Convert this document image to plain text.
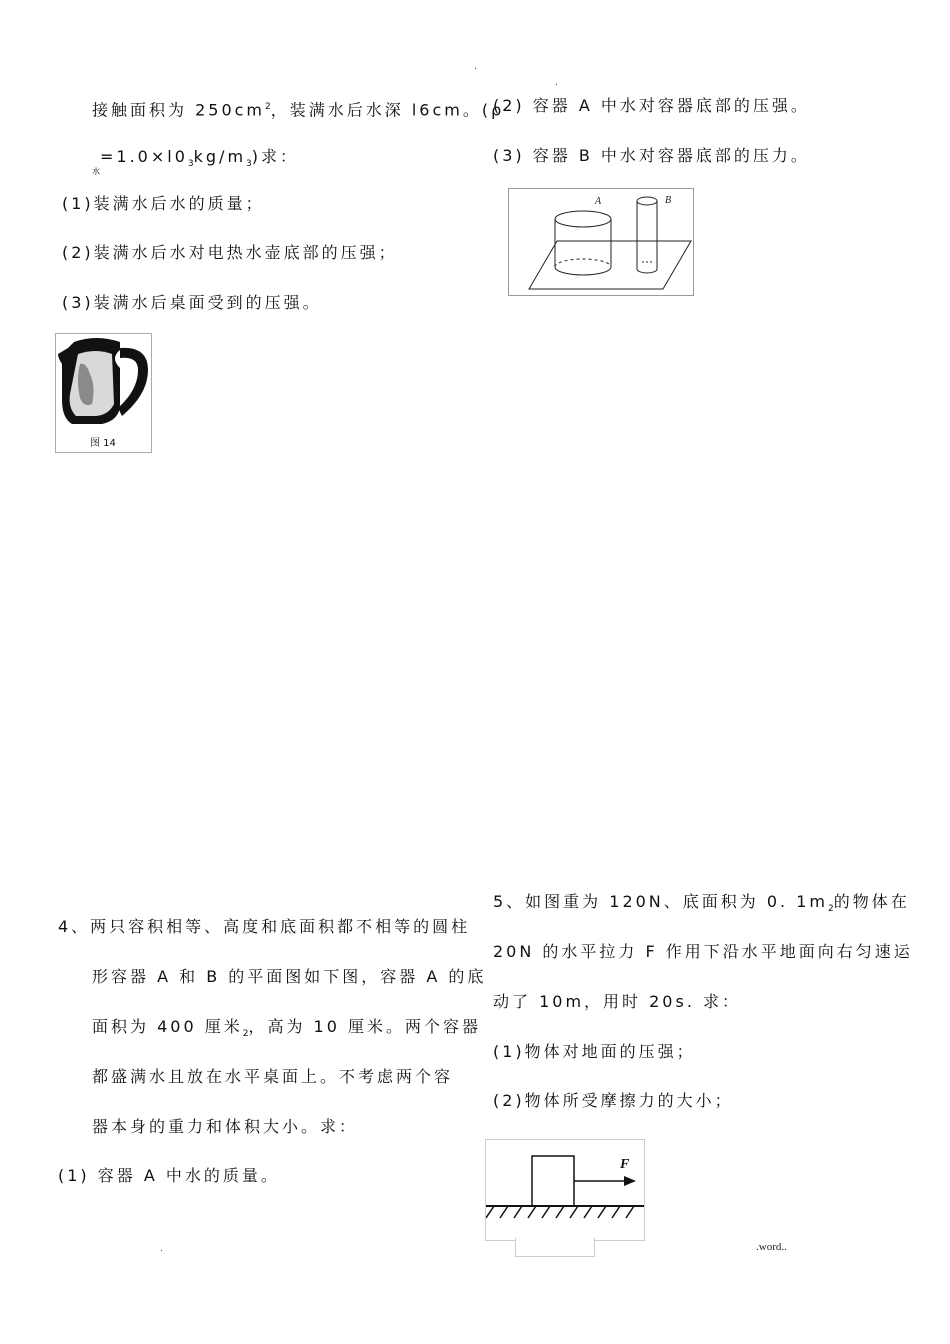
.
接触面积为 $250cm^2$，装满水后水深 l6cm。(ρ
$_水=1.0\times l0_3kg/m_3$)求：
(1)装满水后水的质量；
(2)装满水后水对电热水壶底部的压强；
(3)装满水后桌面受到的压强。
图 14
.
(2) 容器 A 中水对容器底部的压强。
(3) 容器 B 中水对容器底部的压力。
A	B
4、两只容积相等、高度和底面积都不相等的圆柱
形容器 A 和 B 的平面图如下图，容器 A 的底
面积为 400 厘米$_2$，高为 10 厘米。两个容器
都盛满水且放在水平桌面上。不考虑两个容
器本身的重力和体积大小。求：
(1) 容器 A 中水的质量。
5、如图重为 120N、底面积为 0. $1m_2$的物体在
20N 的水平拉力 F 作用下沿水平地面向右匀速运
动了 10m，用时 20s. 求：
(1)物体对地面的压强；
(2)物体所受摩擦力的大小；
F
.	.word..
